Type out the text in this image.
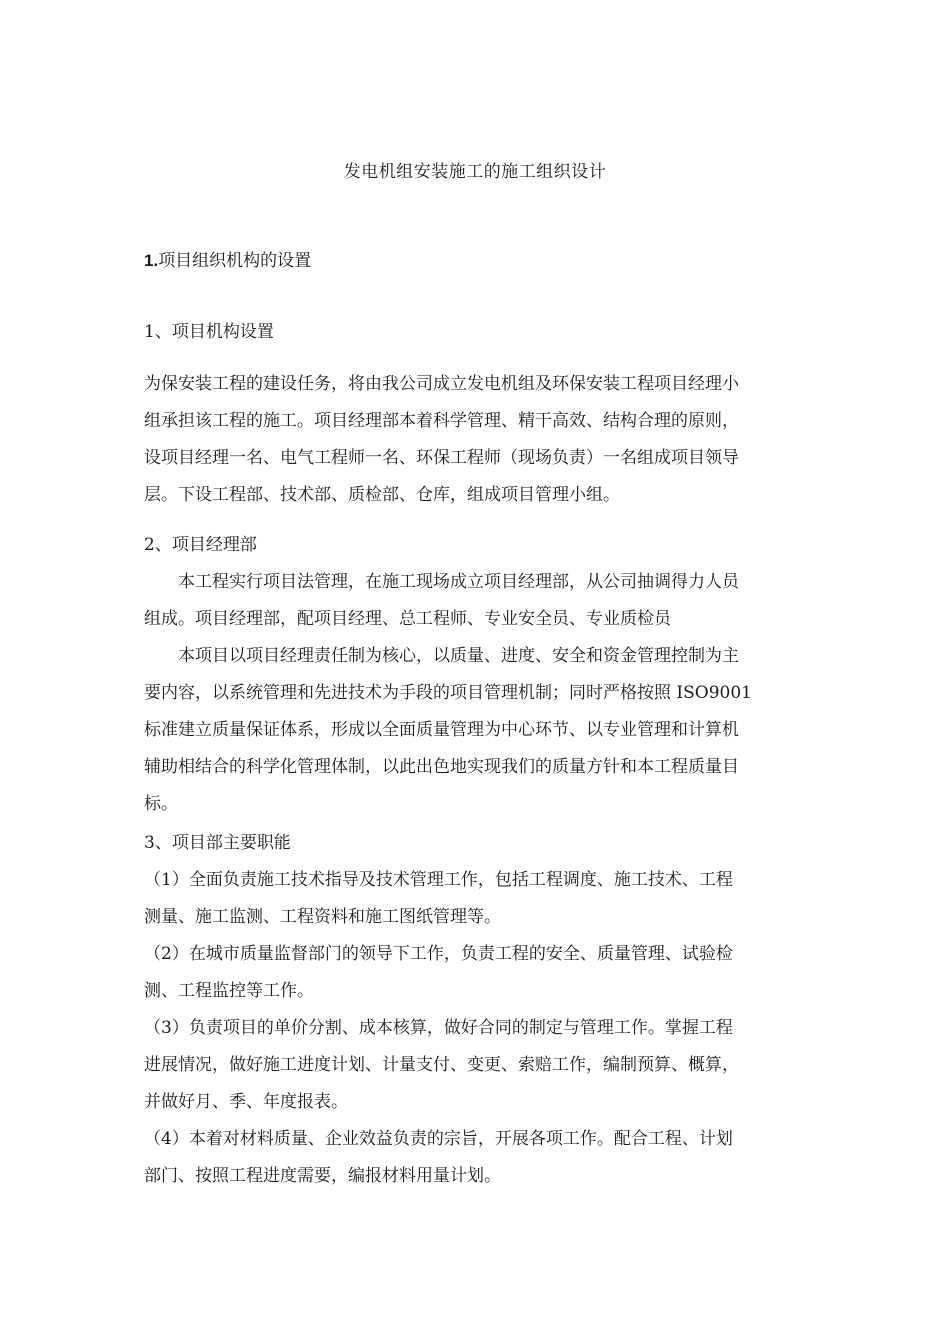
发电机组安装施工的施工组织设计
1.项目组织机构的设置
1、项目机构设置
为保安装工程的建设任务，将由我公司成立发电机组及环保安装工程项目经理小
组承担该工程的施工。项目经理部本着科学管理、精干高效、结构合理的原则，
设项目经理一名、电气工程师一名、环保工程师（现场负责）一名组成项目领导
层。下设工程部、技术部、质检部、仓库，组成项目管理小组。
2、项目经理部
本工程实行项目法管理，在施工现场成立项目经理部，从公司抽调得力人员
组成。项目经理部，配项目经理、总工程师、专业安全员、专业质检员
本项目以项目经理责任制为核心，以质量、进度、安全和资金管理控制为主
要内容，以系统管理和先进技术为手段的项目管理机制；同时严格按照 ISO9001
标准建立质量保证体系，形成以全面质量管理为中心环节、以专业管理和计算机
辅助相结合的科学化管理体制，以此出色地实现我们的质量方针和本工程质量目
标。
3、项目部主要职能
（1）全面负责施工技术指导及技术管理工作，包括工程调度、施工技术、工程
测量、施工监测、工程资料和施工图纸管理等。
（2）在城市质量监督部门的领导下工作，负责工程的安全、质量管理、试验检
测、工程监控等工作。
（3）负责项目的单价分割、成本核算，做好合同的制定与管理工作。掌握工程
进展情况，做好施工进度计划、计量支付、变更、索赔工作，编制预算、概算，
并做好月、季、年度报表。
（4）本着对材料质量、企业效益负责的宗旨，开展各项工作。配合工程、计划
部门、按照工程进度需要，编报材料用量计划。
